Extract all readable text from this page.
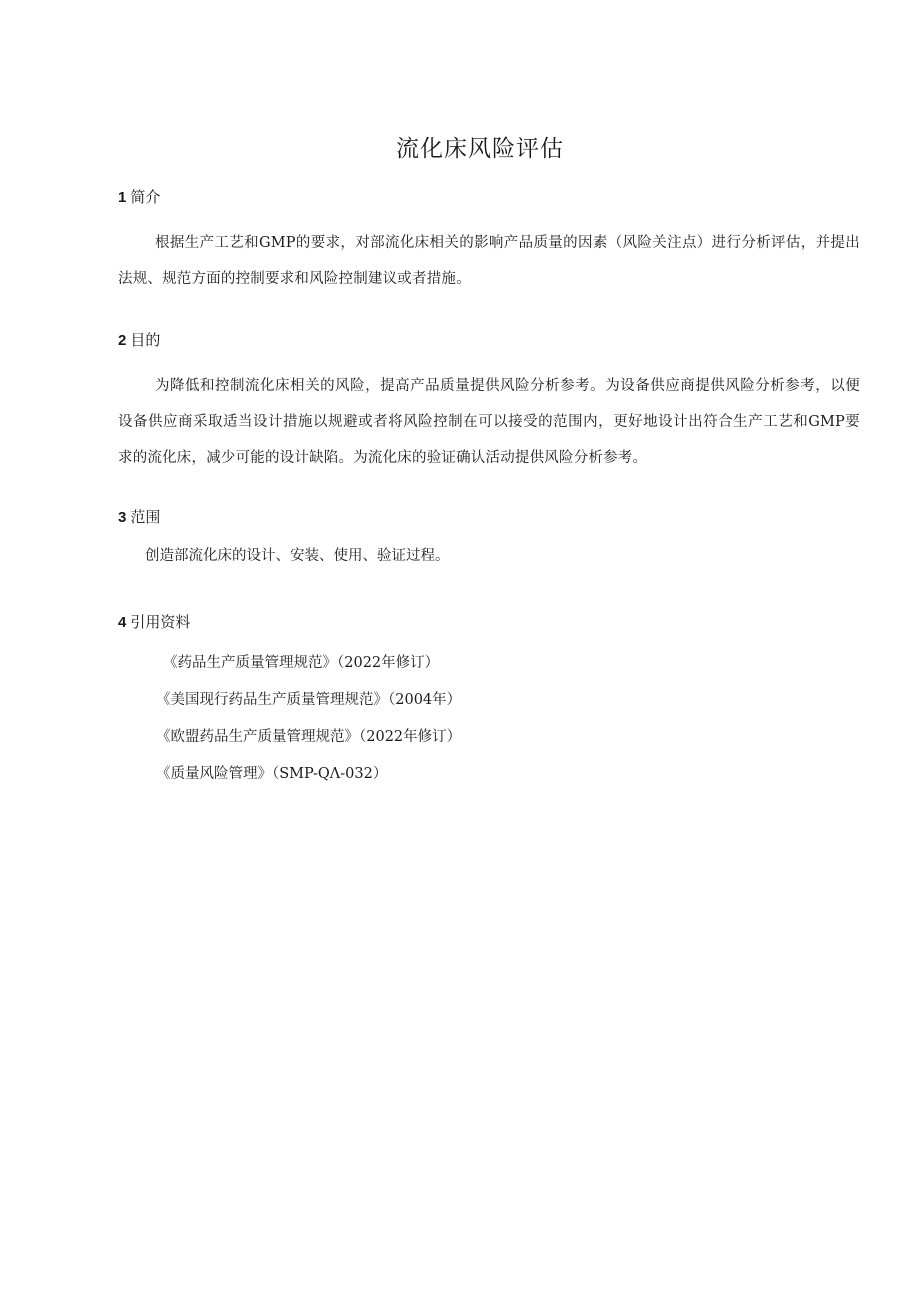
流化床风险评估
1 简介

根据生产工艺和GMP的要求，对部流化床相关的影响产品质量的因素（风险关注点）进行分析评估，并提出法规、规范方面的控制要求和风险控制建议或者措施。

2 目的

为降低和控制流化床相关的风险，提高产品质量提供风险分析参考。为设备供应商提供风险分析参考，以便设备供应商采取适当设计措施以规避或者将风险控制在可以接受的范围内，更好地设计出符合生产工艺和GMP要求的流化床，减少可能的设计缺陷。为流化床的验证确认活动提供风险分析参考。

3 范围

创造部流化床的设计、安装、使用、验证过程。

4 引用资料
《药品生产质量管理规范》（2022年修订）
《美国现行药品生产质量管理规范》（2004年）
《欧盟药品生产质量管理规范》（2022年修订）
《质量风险管理》（SMP-QΛ-032）
